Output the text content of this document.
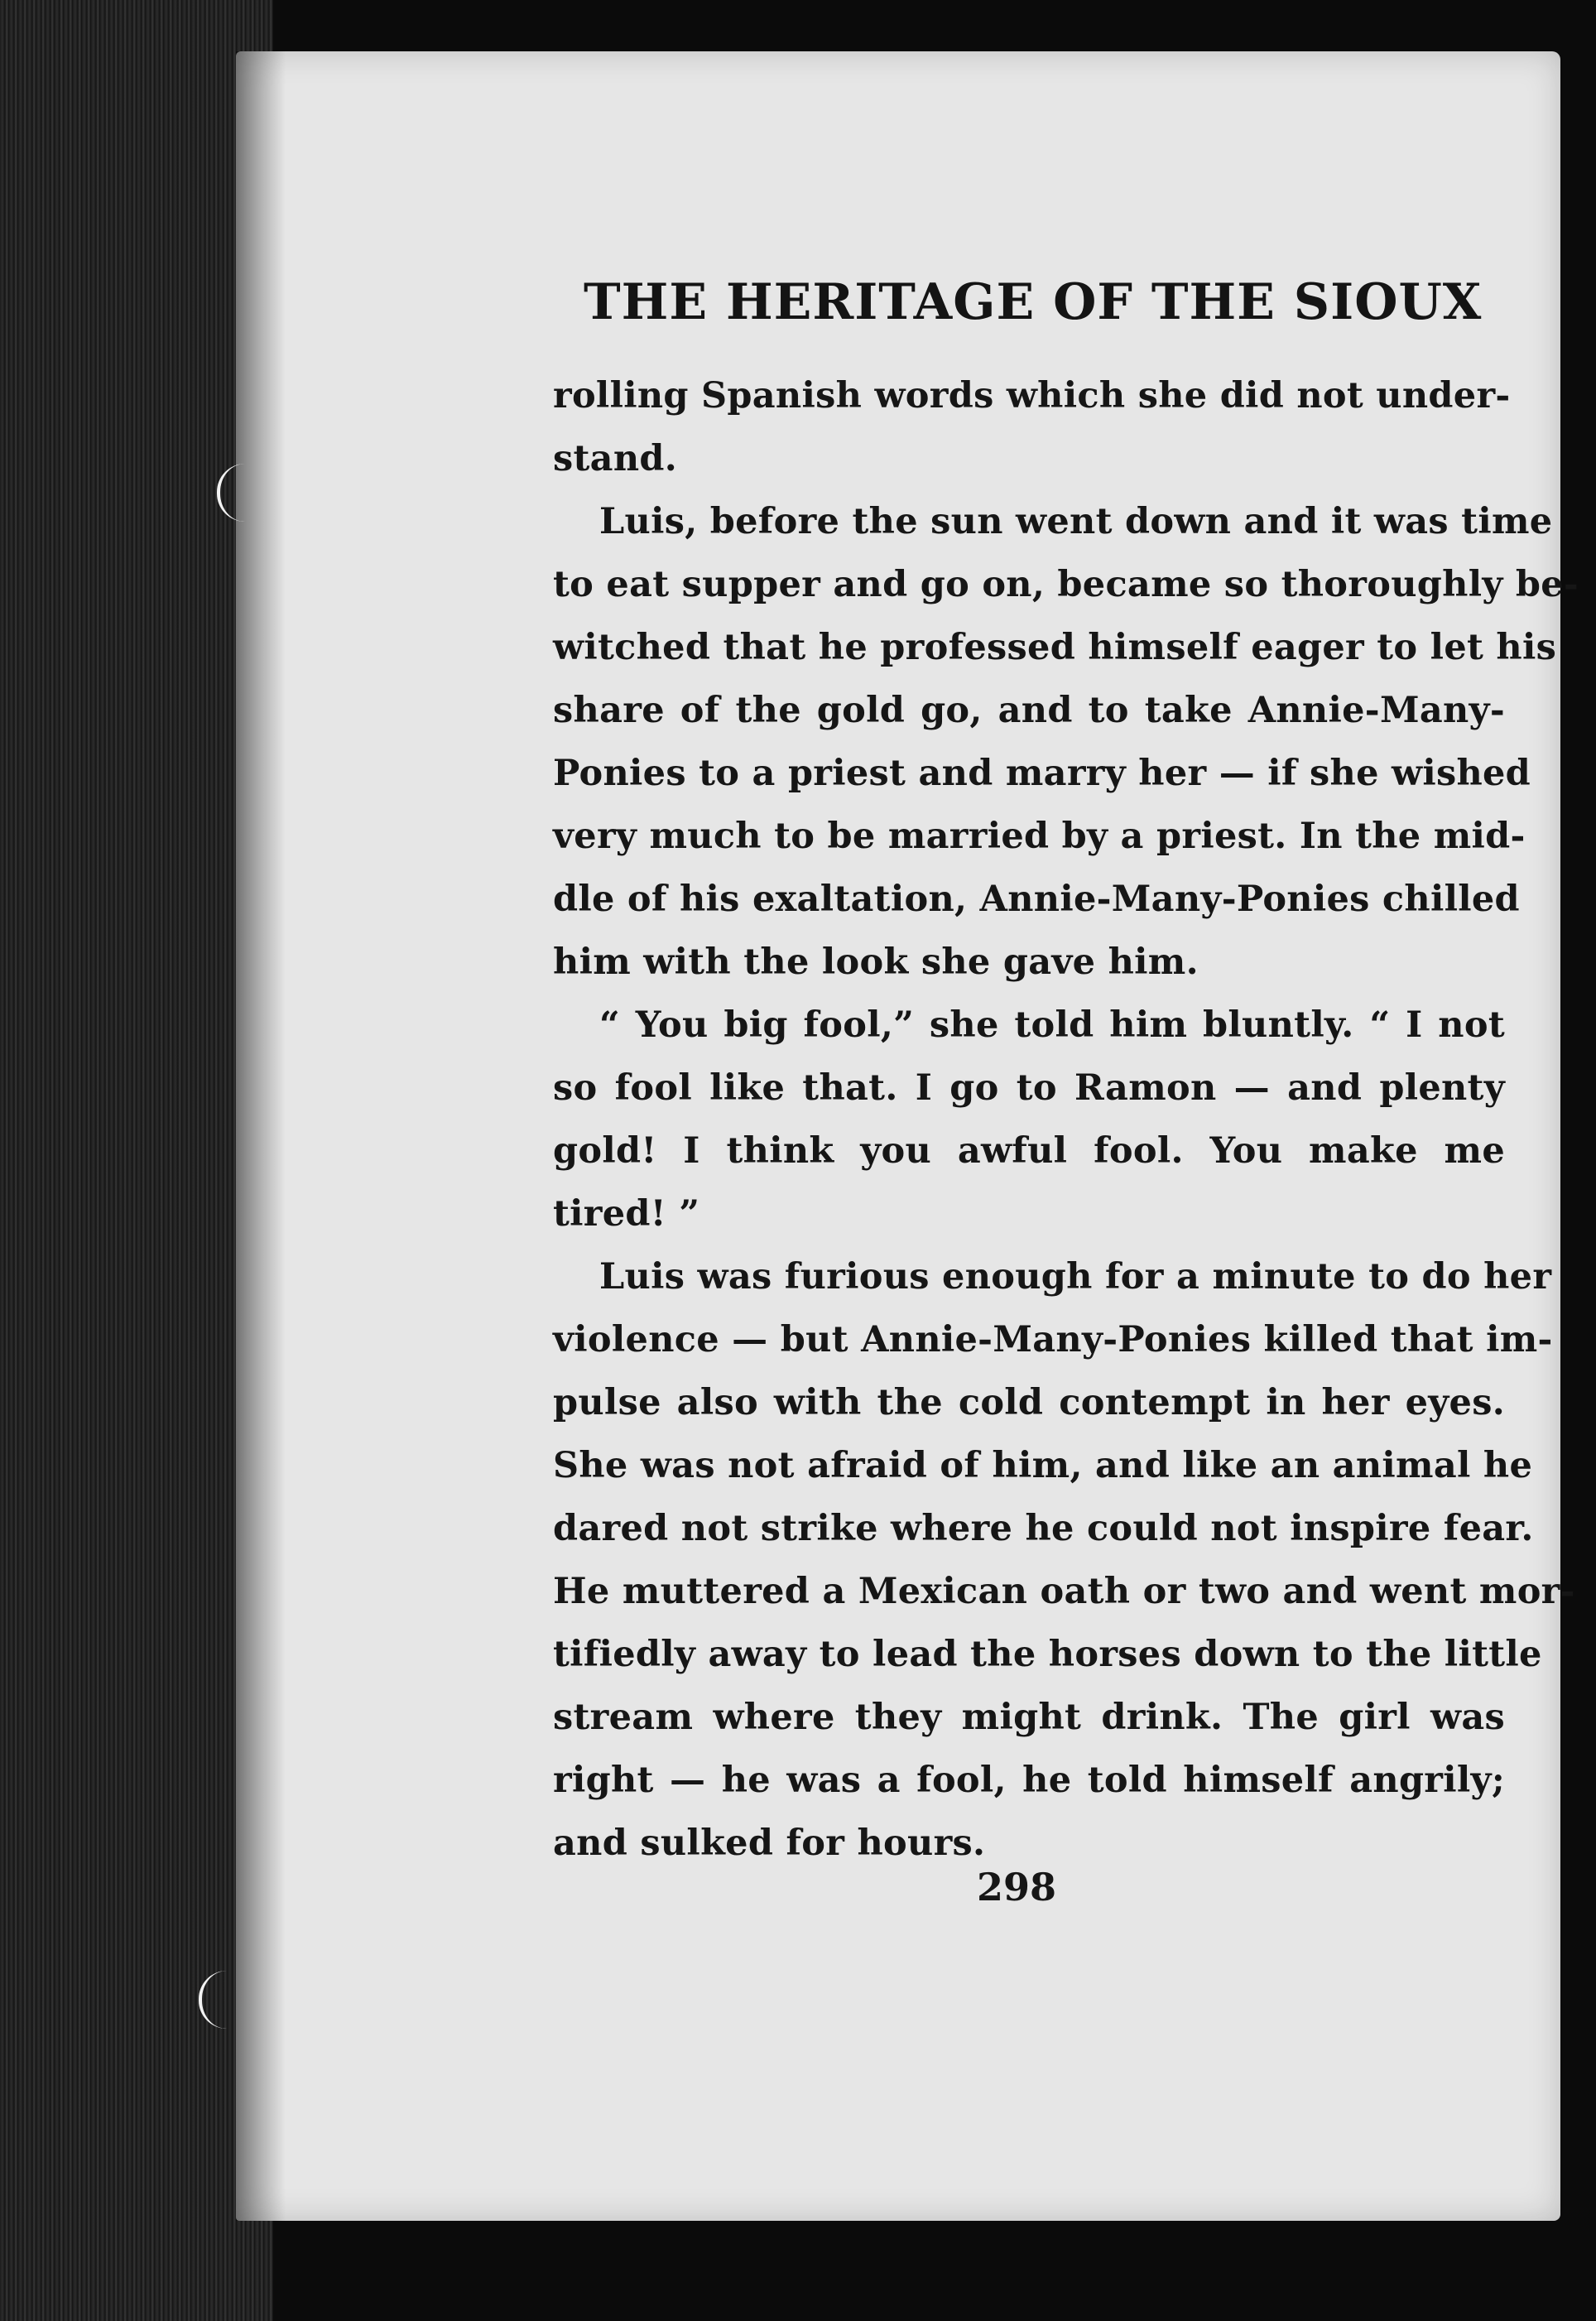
THE HERITAGE OF THE SIOUX
rolling Spanish words which she did not under-
stand.
Luis, before the sun went down and it was time
to eat supper and go on, became so thoroughly be-
witched that he professed himself eager to let his
share of the gold go, and to take Annie-Many-
Ponies to a priest and marry her — if she wished
very much to be married by a priest. In the mid-
dle of his exaltation, Annie-Many-Ponies chilled
him with the look she gave him.
“ You big fool,” she told him bluntly. “ I not
so fool like that. I go to Ramon — and plenty
gold! I think you awful fool. You make me
tired! ”
Luis was furious enough for a minute to do her
violence — but Annie-Many-Ponies killed that im-
pulse also with the cold contempt in her eyes.
She was not afraid of him, and like an animal he
dared not strike where he could not inspire fear.
He muttered a Mexican oath or two and went mor-
tifiedly away to lead the horses down to the little
stream where they might drink. The girl was
right — he was a fool, he told himself angrily;
and sulked for hours.
298
